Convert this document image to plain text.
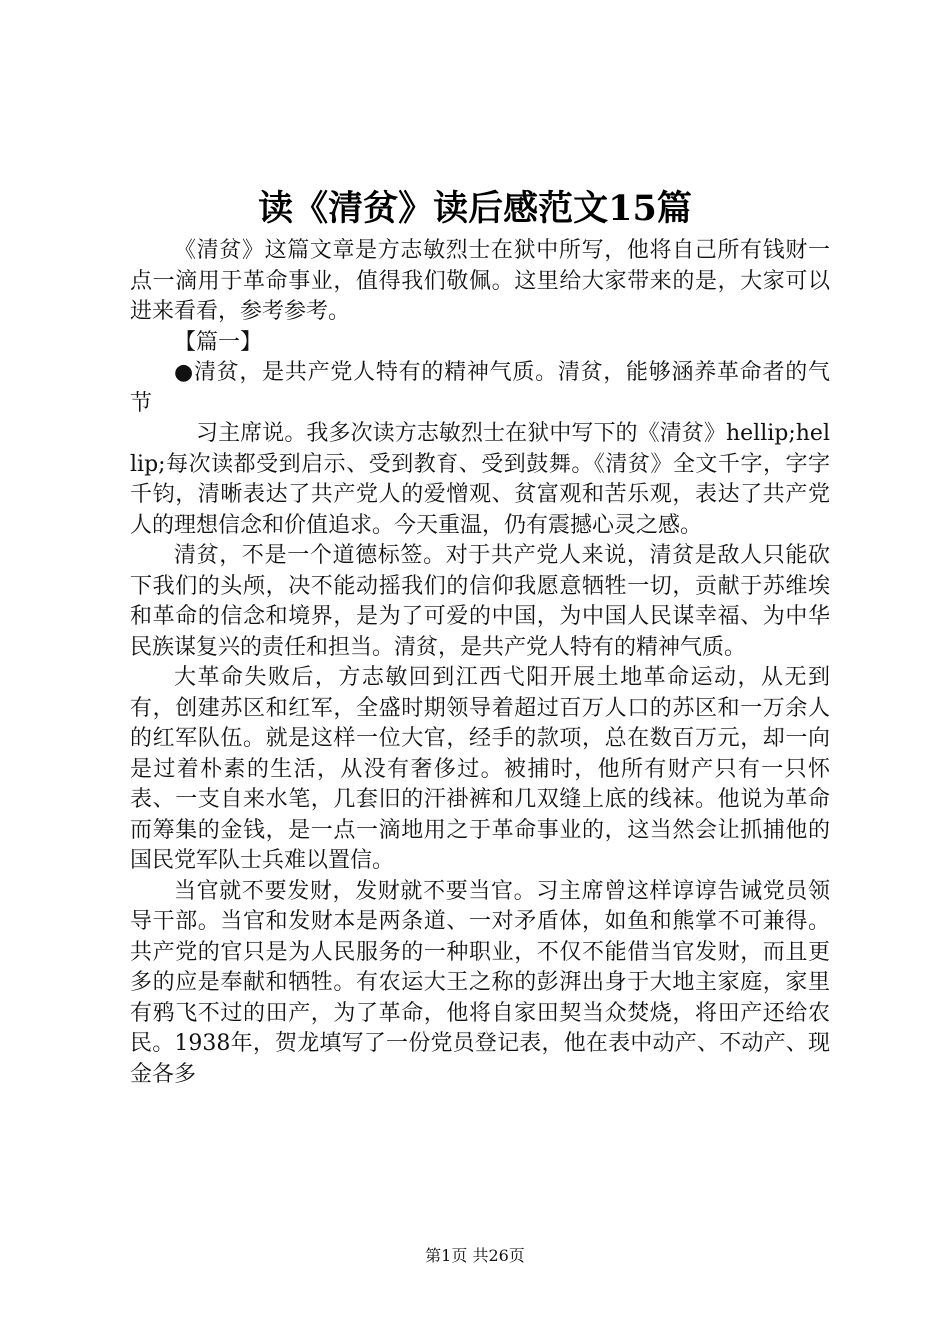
读《清贫》读后感范文15篇

《清贫》这篇文章是方志敏烈士在狱中所写，他将自己所有钱财一点一滴用于革命事业，值得我们敬佩。这里给大家带来的是，大家可以进来看看，参考参考。

【篇一】

●清贫，是共产党人特有的精神气质。清贫，能够涵养革命者的气节

习主席说。我多次读方志敏烈士在狱中写下的《清贫》hellip;hellip;每次读都受到启示、受到教育、受到鼓舞。《清贫》全文千字，字字千钧，清晰表达了共产党人的爱憎观、贫富观和苦乐观，表达了共产党人的理想信念和价值追求。今天重温，仍有震撼心灵之感。

清贫，不是一个道德标签。对于共产党人来说，清贫是敌人只能砍下我们的头颅，决不能动摇我们的信仰我愿意牺牲一切，贡献于苏维埃和革命的信念和境界，是为了可爱的中国，为中国人民谋幸福、为中华民族谋复兴的责任和担当。清贫，是共产党人特有的精神气质。

大革命失败后，方志敏回到江西弋阳开展土地革命运动，从无到有，创建苏区和红军，全盛时期领导着超过百万人口的苏区和一万余人的红军队伍。就是这样一位大官，经手的款项，总在数百万元，却一向是过着朴素的生活，从没有奢侈过。被捕时，他所有财产只有一只怀表、一支自来水笔，几套旧的汗褂裤和几双缝上底的线袜。他说为革命而筹集的金钱，是一点一滴地用之于革命事业的，这当然会让抓捕他的国民党军队士兵难以置信。

当官就不要发财，发财就不要当官。习主席曾这样谆谆告诫党员领导干部。当官和发财本是两条道、一对矛盾体，如鱼和熊掌不可兼得。共产党的官只是为人民服务的一种职业，不仅不能借当官发财，而且更多的应是奉献和牺牲。有农运大王之称的彭湃出身于大地主家庭，家里有鸦飞不过的田产，为了革命，他将自家田契当众焚烧，将田产还给农民。1938年，贺龙填写了一份党员登记表，他在表中动产、不动产、现金各多

第1页 共26页
